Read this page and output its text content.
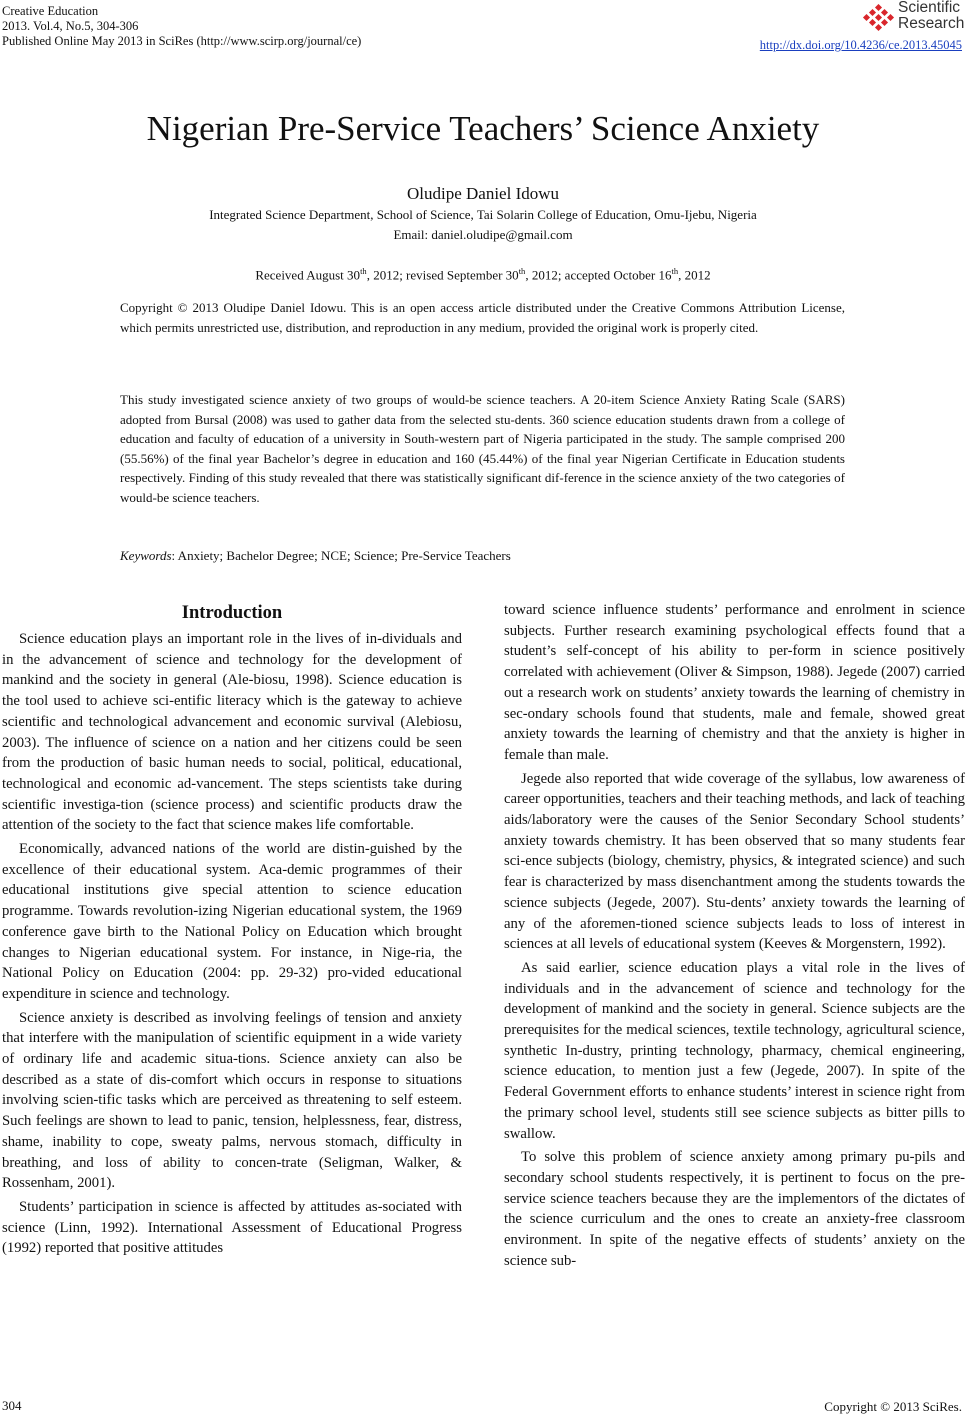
Creative Education
2013. Vol.4, No.5, 304-306
Published Online May 2013 in SciRes (http://www.scirp.org/journal/ce)
Scientific
Research
http://dx.doi.org/10.4236/ce.2013.45045
Nigerian Pre-Service Teachers’ Science Anxiety
Oludipe Daniel Idowu
Integrated Science Department, School of Science, Tai Solarin College of Education, Omu-Ijebu, Nigeria
Email: daniel.oludipe@gmail.com
Received August 30th, 2012; revised September 30th, 2012; accepted October 16th, 2012
Copyright © 2013 Oludipe Daniel Idowu. This is an open access article distributed under the Creative Commons Attribution License, which permits unrestricted use, distribution, and reproduction in any medium, provided the original work is properly cited.
This study investigated science anxiety of two groups of would-be science teachers. A 20-item Science Anxiety Rating Scale (SARS) adopted from Bursal (2008) was used to gather data from the selected stu-dents. 360 science education students drawn from a college of education and faculty of education of a university in South-western part of Nigeria participated in the study. The sample comprised 200 (55.56%) of the final year Bachelor’s degree in education and 160 (45.44%) of the final year Nigerian Certificate in Education students respectively. Finding of this study revealed that there was statistically significant dif-ference in the science anxiety of the two categories of would-be science teachers.
Keywords: Anxiety; Bachelor Degree; NCE; Science; Pre-Service Teachers
Introduction

Science education plays an important role in the lives of in-dividuals and in the advancement of science and technology for the development of mankind and the society in general (Ale-biosu, 1998). Science education is the tool used to achieve sci-entific literacy which is the gateway to achieve scientific and technological advancement and economic survival (Alebiosu, 2003). The influence of science on a nation and her citizens could be seen from the production of basic human needs to social, political, educational, technological and economic ad-vancement. The steps scientists take during scientific investiga-tion (science process) and scientific products draw the attention of the society to the fact that science makes life comfortable.

Economically, advanced nations of the world are distin-guished by the excellence of their educational system. Aca-demic programmes of their educational institutions give special attention to science education programme. Towards revolution-izing Nigerian educational system, the 1969 conference gave birth to the National Policy on Education which brought changes to Nigerian educational system. For instance, in Nige-ria, the National Policy on Education (2004: pp. 29-32) pro-vided educational expenditure in science and technology.

Science anxiety is described as involving feelings of tension and anxiety that interfere with the manipulation of scientific equipment in a wide variety of ordinary life and academic situa-tions. Science anxiety can also be described as a state of dis-comfort which occurs in response to situations involving scien-tific tasks which are perceived as threatening to self esteem. Such feelings are shown to lead to panic, tension, helplessness, fear, distress, shame, inability to cope, sweaty palms, nervous stomach, difficulty in breathing, and loss of ability to concen-trate (Seligman, Walker, & Rossenham, 2001).

Students’ participation in science is affected by attitudes as-sociated with science (Linn, 1992). International Assessment of Educational Progress (1992) reported that positive attitudes

toward science influence students’ performance and enrolment in science subjects. Further research examining psychological effects found that a student’s self-concept of his ability to per-form in science positively correlated with achievement (Oliver & Simpson, 1988). Jegede (2007) carried out a research work on students’ anxiety towards the learning of chemistry in sec-ondary schools found that students, male and female, showed great anxiety towards the learning of chemistry and that the anxiety is higher in female than male.

Jegede also reported that wide coverage of the syllabus, low awareness of career opportunities, teachers and their teaching methods, and lack of teaching aids/laboratory were the causes of the Senior Secondary School students’ anxiety towards chemistry. It has been observed that so many students fear sci-ence subjects (biology, chemistry, physics, & integrated science) and such fear is characterized by mass disenchantment among the students towards the science subjects (Jegede, 2007). Stu-dents’ anxiety towards the learning of any of the aforemen-tioned science subjects leads to loss of interest in sciences at all levels of educational system (Keeves & Morgenstern, 1992).

As said earlier, science education plays a vital role in the lives of individuals and in the advancement of science and technology for the development of mankind and the society in general. Science subjects are the prerequisites for the medical sciences, textile technology, agricultural science, synthetic In-dustry, printing technology, pharmacy, chemical engineering, science education, to mention just a few (Jegede, 2007). In spite of the Federal Government efforts to enhance students’ interest in science right from the primary school level, students still see science subjects as bitter pills to swallow.

To solve this problem of science anxiety among primary pu-pils and secondary school students respectively, it is pertinent to focus on the pre-service science teachers because they are the implementors of the dictates of the science curriculum and the ones to create an anxiety-free classroom environment. In spite of the negative effects of students’ anxiety on the science sub-

304	Copyright © 2013 SciRes.
